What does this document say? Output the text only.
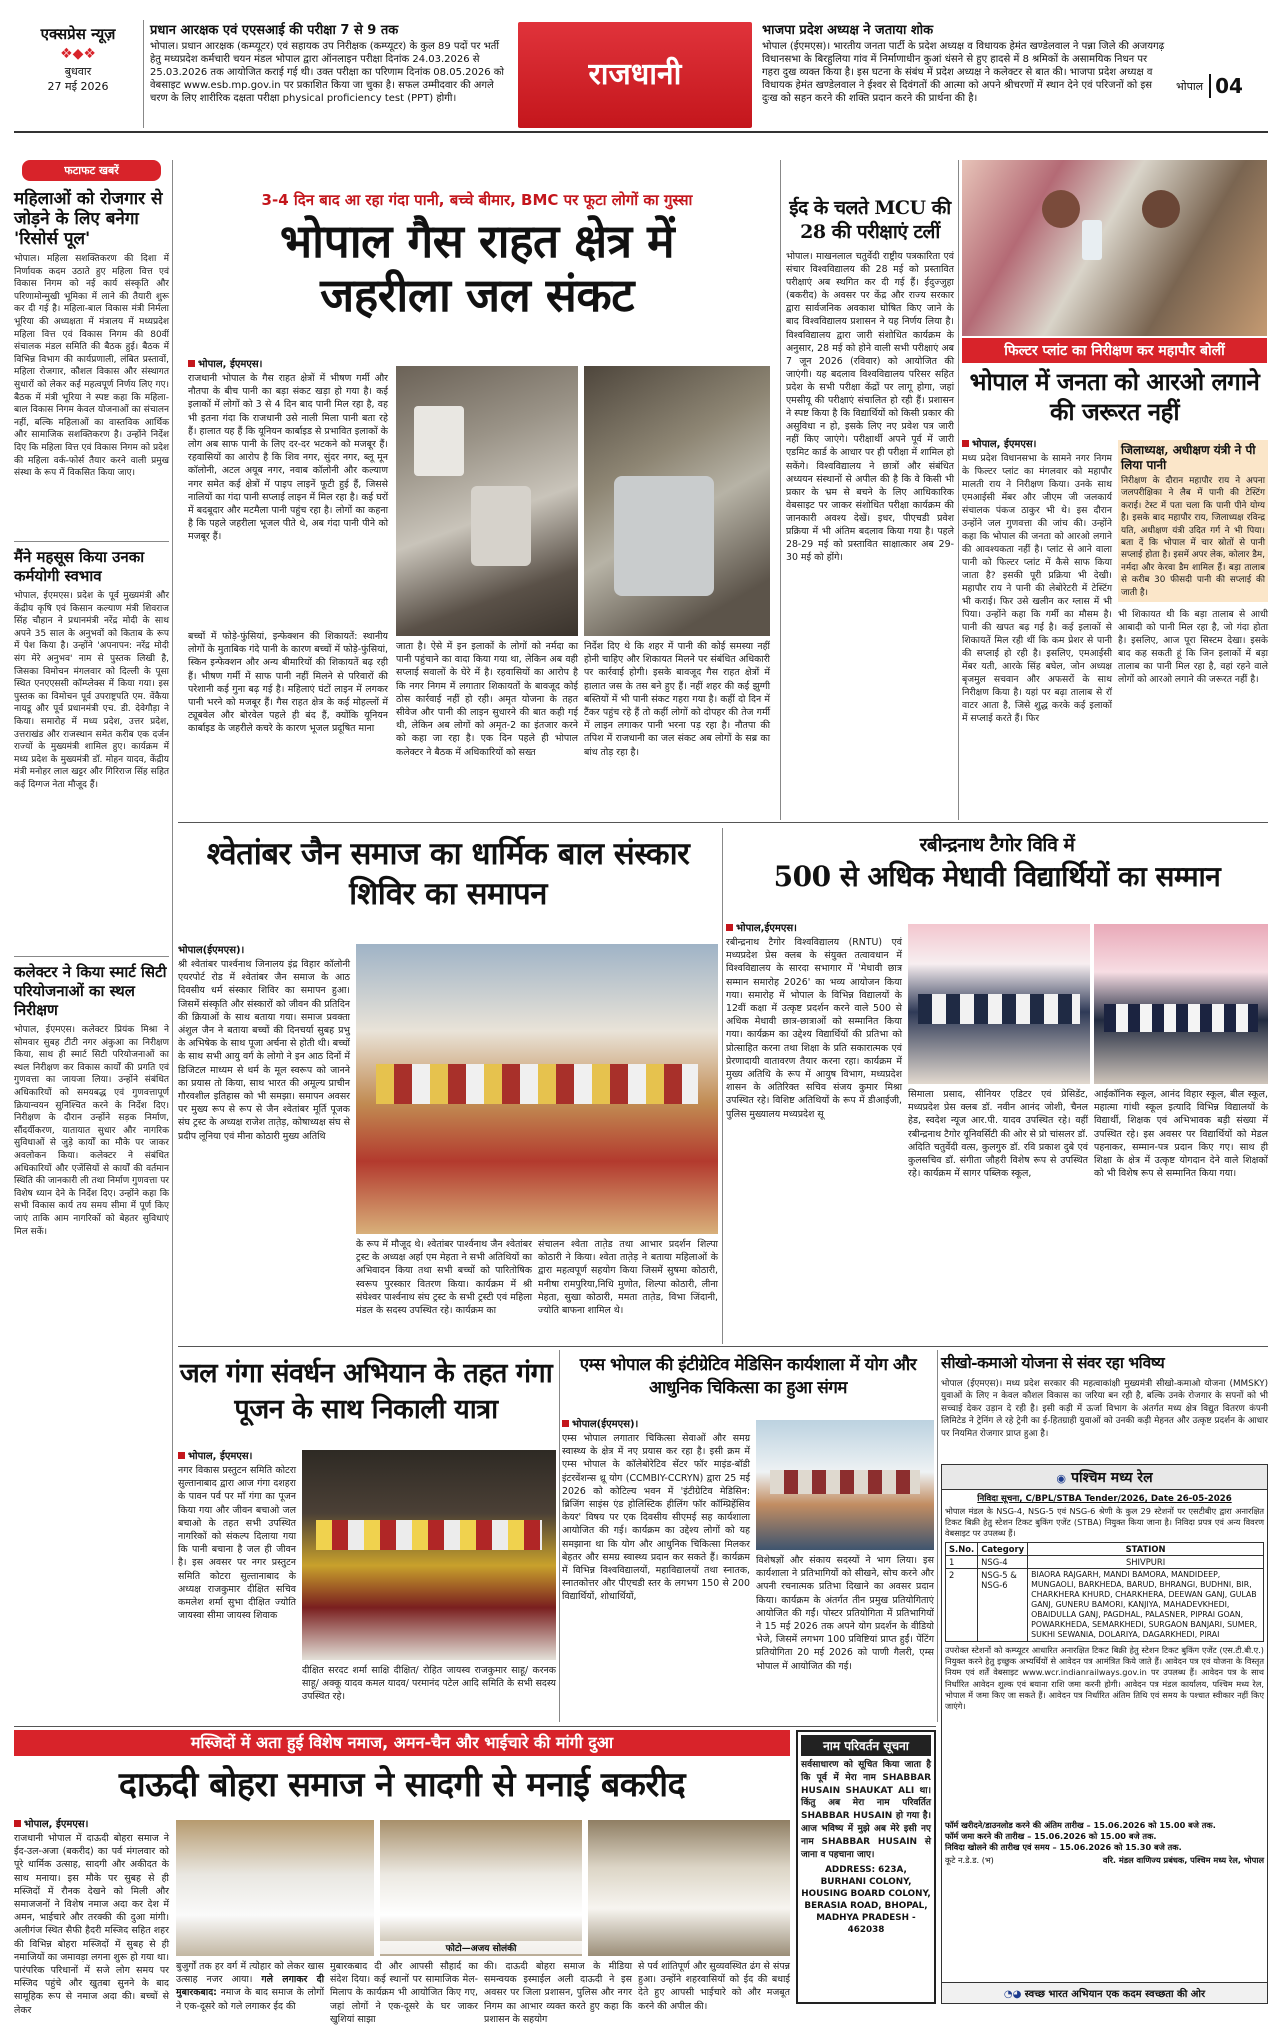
एक्सप्रेस न्यूज़
❖◆❖
बुधवार
27 मई 2026
प्रधान आरक्षक एवं एएसआई की परीक्षा 7 से 9 तक
भोपाल। प्रधान आरक्षक (कम्प्यूटर) एवं सहायक उप निरीक्षक (कम्प्यूटर) के कुल 89 पदों पर भर्ती हेतु मध्यप्रदेश कर्मचारी चयन मंडल भोपाल द्वारा ऑनलाइन परीक्षा दिनांक 24.03.2026 से 25.03.2026 तक आयोजित कराई गई थी। उक्त परीक्षा का परिणाम दिनांक 08.05.2026 को वेबसाइट www.esb.mp.gov.in पर प्रकाशित किया जा चुका है। सफल उम्मीदवार की अगले चरण के लिए शारीरिक दक्षता परीक्षा physical proficiency test (PPT) होगी।
राजधानी
भाजपा प्रदेश अध्यक्ष ने जताया शोक
भोपाल (ईएमएस)। भारतीय जनता पार्टी के प्रदेश अध्यक्ष व विधायक हेमंत खण्डेलवाल ने पन्ना जिले की अजयगढ़ विधानसभा के बिरहुलिया गांव में निर्माणाधीन कुआं धंसने से हुए हादसे में 8 श्रमिकों के असामयिक निधन पर गहरा दुख व्यक्त किया है। इस घटना के संबंध में प्रदेश अध्यक्ष ने कलेक्टर से बात की। भाजपा प्रदेश अध्यक्ष व विधायक हेमंत खण्डेलवाल ने ईश्वर से दिवंगतों की आत्मा को अपने श्रीचरणों में स्थान देने एवं परिजनों को इस दुःख को सहन करने की शक्ति प्रदान करने की प्रार्थना की है।
भोपाल 04
फटाफट खबरें
महिलाओं को रोजगार से जोड़ने के लिए बनेगा 'रिसोर्स पूल'
भोपाल। महिला सशक्तिकरण की दिशा में निर्णायक कदम उठाते हुए महिला वित्त एवं विकास निगम को नई कार्य संस्कृति और परिणामोन्मुखी भूमिका में लाने की तैयारी शुरू कर दी गई है। महिला-बाल विकास मंत्री निर्मला भूरिया की अध्यक्षता में मंत्रालय में मध्यप्रदेश महिला वित्त एवं विकास निगम की 80वीं संचालक मंडल समिति की बैठक हुई। बैठक में विभिन्न विभाग की कार्यप्रणाली, लंबित प्रस्तावों, महिला रोजगार, कौशल विकास और संस्थागत सुधारों को लेकर कई महत्वपूर्ण निर्णय लिए गए। बैठक में मंत्री भूरिया ने स्पष्ट कहा कि महिला-बाल विकास निगम केवल योजनाओं का संचालन नहीं, बल्कि महिलाओं का वास्तविक आर्थिक और सामाजिक सशक्तिकरण है। उन्होंने निर्देश दिए कि महिला वित्त एवं विकास निगम को प्रदेश की महिला वर्क-फोर्स तैयार करने वाली प्रमुख संस्था के रूप में विकसित किया जाए।
मैंने महसूस किया उनका कर्मयोगी स्वभाव
भोपाल, ईएमएस। प्रदेश के पूर्व मुख्यमंत्री और केंद्रीय कृषि एवं किसान कल्याण मंत्री शिवराज सिंह चौहान ने प्रधानमंत्री नरेंद्र मोदी के साथ अपने 35 साल के अनुभवों को किताब के रूप में पेश किया है। उन्होंने 'अपनापन: नरेंद्र मोदी संग मेरे अनुभव' नाम से पुस्तक लिखी है, जिसका विमोचन मंगलवार को दिल्ली के पूसा स्थित एनएएससी कॉम्प्लेक्स में किया गया। इस पुस्तक का विमोचन पूर्व उपराष्ट्रपति एम. वेंकैया नायडू और पूर्व प्रधानमंत्री एच. डी. देवेगौड़ा ने किया। समारोह में मध्य प्रदेश, उत्तर प्रदेश, उत्तराखंड और राजस्थान समेत करीब एक दर्जन राज्यों के मुख्यमंत्री शामिल हुए। कार्यक्रम में मध्य प्रदेश के मुख्यमंत्री डॉ. मोहन यादव, केंद्रीय मंत्री मनोहर लाल खट्टर और गिरिराज सिंह सहित कई दिग्गज नेता मौजूद हैं।
कलेक्टर ने किया स्मार्ट सिटी परियोजनाओं का स्थल निरीक्षण
भोपाल, ईएमएस। कलेक्टर प्रियंक मिश्रा ने सोमवार सुबह टीटी नगर अंकुआ का निरीक्षण किया, साथ ही स्मार्ट सिटी परियोजनाओं का स्थल निरीक्षण कर विकास कार्यों की प्रगति एवं गुणवत्ता का जायजा लिया। उन्होंने संबंधित अधिकारियों को समयबद्ध एवं गुणवत्तापूर्ण क्रियान्वयन सुनिश्चित करने के निर्देश दिए। निरीक्षण के दौरान उन्होंने सड़क निर्माण, सौंदर्यीकरण, यातायात सुधार और नागरिक सुविधाओं से जुड़े कार्यों का मौके पर जाकर अवलोकन किया। कलेक्टर ने संबंधित अधिकारियों और एजेंसियों से कार्यों की वर्तमान स्थिति की जानकारी ली तथा निर्माण गुणवत्ता पर विशेष ध्यान देने के निर्देश दिए। उन्होंने कहा कि सभी विकास कार्य तय समय सीमा में पूर्ण किए जाएं ताकि आम नागरिकों को बेहतर सुविधाएं मिल सकें।
3-4 दिन बाद आ रहा गंदा पानी, बच्चे बीमार, BMC पर फूटा लोगों का गुस्सा
भोपाल गैस राहत क्षेत्र में
जहरीला जल संकट
भोपाल, ईएमएस।
राजधानी भोपाल के गैस राहत क्षेत्रों में भीषण गर्मी और नौतपा के बीच पानी का बड़ा संकट खड़ा हो गया है। कई इलाकों में लोगों को 3 से 4 दिन बाद पानी मिल रहा है, वह भी इतना गंदा कि राजधानी उसे नाली मिला पानी बता रहे हैं। हालात यह हैं कि यूनियन कार्बाइड से प्रभावित इलाकों के लोग अब साफ पानी के लिए दर-दर भटकने को मजबूर हैं। रहवासियों का आरोप है कि शिव नगर, सुंदर नगर, ब्लू मून कॉलोनी, अटल अयूब नगर, नवाब कॉलोनी और कल्याण नगर समेत कई क्षेत्रों में पाइप लाइनें फूटी हुई हैं, जिससे नालियों का गंदा पानी सप्लाई लाइन में मिल रहा है। कई घरों में बदबूदार और मटमैला पानी पहुंच रहा है। लोगों का कहना है कि पहले जहरीला भूजल पीते थे, अब गंदा पानी पीने को मजबूर हैं।
बच्चों में फोड़े-फुंसियां, इन्फेक्शन की शिकायतें: स्थानीय लोगों के मुताबिक गंदे पानी के कारण बच्चों में फोड़े-फुंसियां, स्किन इन्फेक्शन और अन्य बीमारियों की शिकायतें बढ़ रही हैं। भीषण गर्मी में साफ पानी नहीं मिलने से परिवारों की परेशानी कई गुना बढ़ गई है। महिलाएं घंटों लाइन में लगकर पानी भरने को मजबूर हैं। गैस राहत क्षेत्र के कई मोहल्लों में ट्यूबवेल और बोरवेल पहले ही बंद हैं, क्योंकि यूनियन कार्बाइड के जहरीले कचरे के कारण भूजल प्रदूषित माना
जाता है। ऐसे में इन इलाकों के लोगों को नर्मदा का पानी पहुंचाने का वादा किया गया था, लेकिन अब वही सप्लाई सवालों के घेरे में है। रहवासियों का आरोप है कि नगर निगम में लगातार शिकायतों के बावजूद कोई ठोस कार्रवाई नहीं हो रही। अमृत योजना के तहत सीवेज और पानी की लाइन सुधारने की बात कही गई थी, लेकिन अब लोगों को अमृत-2 का इंतजार करने को कहा जा रहा है। एक दिन पहले ही भोपाल कलेक्टर ने बैठक में अधिकारियों को सख्त
निर्देश दिए थे कि शहर में पानी की कोई समस्या नहीं होनी चाहिए और शिकायत मिलने पर संबंधित अधिकारी पर कार्रवाई होगी। इसके बावजूद गैस राहत क्षेत्रों में हालात जस के तस बने हुए हैं। नहीं शहर की कई झुग्गी बस्तियों में भी पानी संकट गहरा गया है। कहीं दो दिन में टैंकर पहुंच रहे हैं तो कहीं लोगों को दोपहर की तेज गर्मी में लाइन लगाकर पानी भरना पड़ रहा है। नौतपा की तपिश में राजधानी का जल संकट अब लोगों के सब्र का बांध तोड़ रहा है।
ईद के चलते MCU की 28 की परीक्षाएं टलीं
भोपाल। माखनलाल चतुर्वेदी राष्ट्रीय पत्रकारिता एवं संचार विश्वविद्यालय की 28 मई को प्रस्तावित परीक्षाएं अब स्थगित कर दी गई हैं। ईदुज्जुहा (बकरीद) के अवसर पर केंद्र और राज्य सरकार द्वारा सार्वजनिक अवकाश घोषित किए जाने के बाद विश्वविद्यालय प्रशासन ने यह निर्णय लिया है। विश्वविद्यालय द्वारा जारी संशोधित कार्यक्रम के अनुसार, 28 मई को होने वाली सभी परीक्षाएं अब 7 जून 2026 (रविवार) को आयोजित की जाएंगी। यह बदलाव विश्वविद्यालय परिसर सहित प्रदेश के सभी परीक्षा केंद्रों पर लागू होगा, जहां एमसीयू की परीक्षाएं संचालित हो रही हैं। प्रशासन ने स्पष्ट किया है कि विद्यार्थियों को किसी प्रकार की असुविधा न हो, इसके लिए नए प्रवेश पत्र जारी नहीं किए जाएंगे। परीक्षार्थी अपने पूर्व में जारी एडमिट कार्ड के आधार पर ही परीक्षा में शामिल हो सकेंगे। विश्वविद्यालय ने छात्रों और संबंधित अध्ययन संस्थानों से अपील की है कि वे किसी भी प्रकार के भ्रम से बचने के लिए आधिकारिक वेबसाइट पर जाकर संशोधित परीक्षा कार्यक्रम की जानकारी अवश्य देखें। इधर, पीएचडी प्रवेश प्रक्रिया में भी अंतिम बदलाव किया गया है। पहले 28-29 मई को प्रस्तावित साक्षात्कार अब 29-30 मई को होंगे।
फिल्टर प्लांट का निरीक्षण कर महापौर बोलीं
भोपाल में जनता को आरओ लगाने की जरूरत नहीं
भोपाल, ईएमएस।
मध्य प्रदेश विधानसभा के सामने नगर निगम के फिल्टर प्लांट का मंगलवार को महापौर मालती राय ने निरीक्षण किया। उनके साथ एमआईसी मेंबर और जीएम जी जलकार्य संचालक पंकज ठाकुर भी थे। इस दौरान उन्होंने जल गुणवत्ता की जांच की। उन्होंने कहा कि भोपाल की जनता को आरओ लगाने की आवश्यकता नहीं है। प्लांट से आने वाला पानी को फिल्टर प्लांट में कैसे साफ किया जाता है? इसकी पूरी प्रक्रिया भी देखी। महापौर राय ने पानी की लेबोरेटरी में टेस्टिंग भी कराई। फिर उसे खलीन कर ग्लास में भी पिया। उन्होंने कहा कि गर्मी का मौसम है। पानी की खपत बढ़ गई है। कई इलाकों से शिकायतें मिल रही थीं कि कम प्रेशर से पानी की सप्लाई हो रही है। इसलिए, एमआईसी मेंबर यती, आरके सिंह बघेल, जोन अध्यक्ष बृजमुल सचवान और अफसरों के साथ निरीक्षण किया है। यहां पर बढ़ा तालाब से रॉ वाटर आता है, जिसे शुद्ध करके कई इलाकों में सप्लाई करते हैं। फिर
जिलाध्यक्ष, अधीक्षण यंत्री ने पी लिया पानी
निरीक्षण के दौरान महापौर राय ने अपना जलपरीक्षिका ने लैब में पानी की टेस्टिंग कराई। टेस्ट में पता चला कि पानी पीने योग्य है। इसके बाद महापौर राय, जिलाध्यक्ष रविन्द्र यति, अधीक्षण यंत्री उदित गर्ग ने भी पिया। बता दें कि भोपाल में चार स्रोतों से पानी सप्लाई होता है। इसमें अपर लेक, कोलार डैम, नर्मदा और केरवा डैम शामिल हैं। बड़ा तालाब से करीब 30 फीसदी पानी की सप्लाई की जाती है।
भी शिकायत थी कि बड़ा तालाब से आधी आबादी को पानी मिल रहा है, जो गंदा होता है। इसलिए, आज पूरा सिस्टम देखा। इसके बाद कह सकती हूं कि जिन इलाकों में बड़ा तालाब का पानी मिल रहा है, वहां रहने वाले लोगों को आरओ लगाने की जरूरत नहीं है।
श्वेतांबर जैन समाज का धार्मिक बाल संस्कार शिविर का समापन
भोपाल(ईएमएस)।
श्री श्वेतांबर पार्श्वनाथ जिनालय इंद्र विहार कॉलोनी एयरपोर्ट रोड में श्वेतांबर जैन समाज के आठ दिवसीय धर्म संस्कार शिविर का समापन हुआ। जिसमें संस्कृति और संस्कारों को जीवन की प्रतिदिन की क्रियाओं के साथ बताया गया। समाज प्रवक्ता अंशुल जैन ने बताया बच्चों की दिनचर्या सुबह प्रभु के अभिषेक के साथ पूजा अर्चना से होती थी। बच्चों के साथ सभी आयु वर्ग के लोगो ने इन आठ दिनों में डिजिटल माध्यम से धर्म के मूल स्वरूप को जानने का प्रयास तो किया, साथ भारत की अमूल्य प्राचीन गौरवशील इतिहास को भी समझा। समापन अवसर पर मुख्य रूप से रूप से जैन श्वेतांबर मूर्ति पूजक संघ ट्रस्ट के अध्यक्ष राजेश ताते़ड़, कोषाध्यक्ष संघ से प्रदीप लूनिया एवं मीना कोठारी मुख्य अतिथि
के रूप में मौजूद थे। श्वेतांबर पार्श्वनाथ जैन श्वेतांबर ट्रस्ट के अध्यक्ष अर्हा एम मेहता ने सभी अतिथियों का अभिवादन किया तथा सभी बच्चों को पारितोषिक स्वरूप पुरस्कार वितरण किया। कार्यक्रम में श्री संघेश्वर पार्श्वनाथ संघ ट्रस्ट के सभी ट्रस्टी एवं महिला मंडल के सदस्य उपस्थित रहे। कार्यक्रम का
संचालन श्वेता ताते़ड तथा आभार प्रदर्शन शिल्पा कोठारी ने किया। श्वेता ताते़ड़ ने बताया महिलाओं के द्वारा महत्वपूर्ण सहयोग किया जिसमें सुषमा कोठारी, मनीषा रामपुरिया,निधि मुणोत, शिल्पा कोठारी, लीना मेहता, सुखा कोठारी, ममता ताते़ड, विभा जिंदानी, ज्योति बाफना शामिल थे।
रबीन्द्रनाथ टैगोर विवि में
500 से अधिक मेधावी विद्यार्थियों का सम्मान
भोपाल,ईएमएस।
रबीन्द्रनाथ टैगोर विश्वविद्यालय (RNTU) एवं मध्यप्रदेश प्रेस क्लब के संयुक्त तत्वावधान में विश्वविद्यालय के सारदा सभागार में 'मेधावी छात्र सम्मान समारोह 2026' का भव्य आयोजन किया गया। समारोह में भोपाल के विभिन्न विद्यालयों के 12वीं कक्षा में उत्कृष्ट प्रदर्शन करने वाले 500 से अधिक मेधावी छात्र-छात्राओं को सम्मानित किया गया। कार्यक्रम का उद्देश्य विद्यार्थियों की प्रतिभा को प्रोत्साहित करना तथा शिक्षा के प्रति सकारात्मक एवं प्रेरणादायी वातावरण तैयार करना रहा। कार्यक्रम में मुख्य अतिथि के रूप में आयुष विभाग, मध्यप्रदेश शासन के अतिरिक्त सचिव संजय कुमार मिश्रा उपस्थित रहे। विशिष्ट अतिथियों के रूप में डीआईजी, पुलिस मुख्यालय मध्यप्रदेश सू
सिमाला प्रसाद, सीनियर एडिटर एवं प्रेसिडेंट, मध्यप्रदेश प्रेस क्लब डॉ. नवीन आनंद जोशी, चैनल हेड, स्वदेश न्यूज आर.पी. यादव उपस्थित रहे। वहीं रबीन्द्रनाथ टैगोर यूनिवर्सिटी की ओर से प्रो चांसलर डॉ. अदिति चतुर्वेदी वत्स, कुलगुरु डॉ. रवि प्रकाश दुबे एवं कुलसचिव डॉ. संगीता जौहरी विशेष रूप से उपस्थित रहे। कार्यक्रम में सागर पब्लिक स्कूल,
आईकॉनिक स्कूल, आनंद विहार स्कूल, बील स्कूल, महात्मा गांधी स्कूल इत्यादि विभिन्न विद्यालयों के विद्यार्थी, शिक्षक एवं अभिभावक बड़ी संख्या में उपस्थित रहे। इस अवसर पर विद्यार्थियों को मेडल पहनाकर, सम्मान-पत्र प्रदान किए गए। साथ ही शिक्षा के क्षेत्र में उत्कृष्ट योगदान देने वाले शिक्षकों को भी विशेष रूप से सम्मानित किया गया।
जल गंगा संवर्धन अभियान के तहत गंगा पूजन के साथ निकाली यात्रा
भोपाल, ईएमएस।
नगर विकास प्रस्तुटन समिति कोटरा सुल्तानाबाद द्वारा आज गंगा दशहरा के पावन पर्व पर माँ गंगा का पूजन किया गया और जीवन बचाओ जल बचाओ के तहत सभी उपस्थित नागरिकों को संकल्प दिलाया गया कि पानी बचाना है जल ही जीवन है। इस अवसर पर नगर प्रस्तुटन समिति कोटरा सुल्तानाबाद के अध्यक्ष राजकुमार दीक्षित सचिव कमलेश शर्मा सुभा दीक्षित ज्योति जायस्वा सीमा जायस्व शिवाक
दीक्षित सरदट शर्मा साक्षि दीक्षित/ रोहित जायस्व राजकुमार साहू/ करनक साहू/ अक्कू यादव कमल यादव/ परमानंद पटेल आदि समिति के सभी सदस्य उपस्थित रहे।
एम्स भोपाल की इंटीग्रेटिव मेडिसिन कार्यशाला में योग और आधुनिक चिकित्सा का हुआ संगम
भोपाल(ईएमएस)।
एम्स भोपाल लगातार चिकित्सा सेवाओं और समग्र स्वास्थ्य के क्षेत्र में नए प्रयास कर रहा है। इसी क्रम में एम्स भोपाल के कॉलेबोरेटिव सेंटर फॉर माइंड-बॉडी इंटरवेंशन्स थ्रू योग (CCMBIY-CCRYN) द्वारा 25 मई 2026 को कोटिल्य भवन में 'इंटीग्रेटिव मेडिसिन: ब्रिजिंग साइंस एंड होलिस्टिक हीलिंग फॉर कॉम्प्रिहेंसिव केयर' विषय पर एक दिवसीय सीएमई सह कार्यशाला आयोजित की गई। कार्यक्रम का उद्देश्य लोगों को यह समझाना था कि योग और आधुनिक चिकित्सा मिलकर बेहतर और समग्र स्वास्थ्य प्रदान कर सकते हैं। कार्यक्रम में विभिन्न विश्वविद्यालयों, महाविद्यालयों तथा स्नातक, स्नातकोत्तर और पीएचडी स्तर के लगभग 150 से 200 विद्यार्थियों, शोधार्थियों,
विशेषज्ञों और संकाय सदस्यों ने भाग लिया। इस कार्यशाला ने प्रतिभागियों को सीखने, सोच करने और अपनी रचनात्मक प्रतिभा दिखाने का अवसर प्रदान किया। कार्यक्रम के अंतर्गत तीन प्रमुख प्रतियोगिताएं आयोजित की गईं। पोस्टर प्रतियोगिता में प्रतिभागियों ने 15 मई 2026 तक अपने योग प्रदर्शन के वीडियो भेजे, जिसमें लगभग 100 प्रविष्टियां प्राप्त हुईं। पेंटिंग प्रतियोगिता 20 मई 2026 को पाणी गैलरी, एम्स भोपाल में आयोजित की गई।
सीखो-कमाओ योजना से संवर रहा भविष्य
भोपाल (ईएमएस)। मध्य प्रदेश सरकार की महत्वाकांक्षी मुख्यमंत्री सीखो-कमाओ योजना (MMSKY) युवाओं के लिए न केवल कौशल विकास का जरिया बन रही है, बल्कि उनके रोजगार के सपनों को भी सच्चाई देकर उड़ान दे रही है। इसी कड़ी में ऊर्जा विभाग के अंतर्गत मध्य क्षेत्र विद्युत वितरण कंपनी लिमिटेड ने ट्रेनिंग ले रहे ट्रेनी का ई-हितग्राही युवाओं को उनकी कड़ी मेहनत और उत्कृष्ट प्रदर्शन के आधार पर नियमित रोजगार प्राप्त हुआ है।
◉ पश्चिम मध्य रेल
निविदा सूचना, C/BPL/STBA Tender/2026, Date 26-05-2026
भोपाल मंडल के NSG-4, NSG-5 एवं NSG-6 श्रेणी के कुल 29 स्टेशनों पर एसटीबीए द्वारा अनारक्षित टिकट बिक्री हेतु स्टेशन टिकट बुकिंग एजेंट (STBA) नियुक्त किया जाना है। निविदा प्रपत्र एवं अन्य विवरण वेबसाइट पर उपलब्ध हैं।
S.No.	Category	STATION
1	NSG-4	SHIVPURI
2	NSG-5 & NSG-6	BIAORA RAJGARH, MANDI BAMORA, MANDIDEEP, MUNGAOLI, BARKHEDA, BARUD, BHRANGI, BUDHNI, BIR, CHARKHERA KHURD, CHARKHERA, DEEWAN GANJ, GULAB GANJ, GUNERU BAMORI, KANJIYA, MAHADEVKHEDI, OBAIDULLA GANJ, PAGDHAL, PALASNER, PIPRAI GOAN, POWARKHEDA, SEMARKHEDI, SURGAON BANJARI, SUMER, SUKHI SEWANIA, DOLARIYA, DAGARKHEDI, PIRAI
उपरोक्त स्टेशनों को कम्प्यूटर आधारित अनारक्षित टिकट बिक्री हेतु स्टेशन टिकट बुकिंग एजेंट (एस.टी.बी.ए.) नियुक्त करने हेतु इच्छुक अभ्यर्थियों से आवेदन पत्र आमंत्रित किये जाते हैं। आवेदन पत्र एवं योजना के विस्तृत नियम एवं शर्तें वेबसाइट www.wcr.indianrailways.gov.in पर उपलब्ध हैं। आवेदन पत्र के साथ निर्धारित आवेदन शुल्क एवं बयाना राशि जमा करनी होगी। आवेदन पत्र मंडल कार्यालय, पश्चिम मध्य रेल, भोपाल में जमा किए जा सकते हैं। आवेदन पत्र निर्धारित अंतिम तिथि एवं समय के पश्चात स्वीकार नहीं किए जाएंगे।
फॉर्म खरीदने/डाउनलोड करने की अंतिम तारीख – 15.06.2026 को 15.00 बजे तक.
फॉर्म जमा करने की तारीख – 15.06.2026 को 15.00 बजे तक.
निविदा खोलने की तारीख एवं समय – 15.06.2026 को 15.30 बजे तक.
कूटे न.डे.ड. (भ)	वरि. मंडल वाणिज्य प्रबंधक, पश्चिम मध्य रेल, भोपाल
◔◕ स्वच्छ भारत अभियान एक कदम स्वच्छता की ओर
मस्जिदों में अता हुई विशेष नमाज, अमन-चैन और भाईचारे की मांगी दुआ
दाऊदी बोहरा समाज ने सादगी से मनाई बकरीद
भोपाल, ईएमएस।
राजधानी भोपाल में दाऊदी बोहरा समाज ने ईद-उल-अजा (बकरीद) का पर्व मंगलवार को पूरे धार्मिक उत्साह, सादगी और अकीदत के साथ मनाया। इस मौके पर सुबह से ही मस्जिदों में रौनक देखने को मिली और समाजजनों ने विशेष नमाज अदा कर देश में अमन, भाईचारे और तरक्की की दुआ मांगी। अलीगंज स्थित सैफी हैदरी मस्जिद सहित शहर की विभिन्न बोहरा मस्जिदों में सुबह से ही नमाजियों का जमावड़ा लगना शुरू हो गया था। पारंपरिक परिधानों में सजे लोग समय पर मस्जिद पहुंचे और खुतबा सुनने के बाद सामूहिक रूप से नमाज अदा की। बच्चों से लेकर
फोटो—अजय सोलंकी
बुजुर्गों तक हर वर्ग में त्योहार को लेकर खास उत्साह नजर आया। गले लगाकर दी मुबारकबाद: नमाज के बाद समाज के लोगों ने एक-दूसरे को गले लगाकर ईद की
मुबारकबाद दी और आपसी सौहार्द का संदेश दिया। कई स्थानों पर सामाजिक मेल-मिलाप के कार्यक्रम भी आयोजित किए गए, जहां लोगों ने एक-दूसरे के घर जाकर खुशियां साझा
की। दाऊदी बोहरा समाज के मीडिया समन्वयक इस्माईल अली दाऊदी ने इस अवसर पर जिला प्रशासन, पुलिस और नगर निगम का आभार व्यक्त करते हुए कहा कि प्रशासन के सहयोग
से पर्व शांतिपूर्ण और सुव्यवस्थित ढंग से संपन्न हुआ। उन्होंने शहरवासियों को ईद की बधाई देते हुए आपसी भाईचारे को और मजबूत करने की अपील की।
नाम परिवर्तन सूचना
सर्वसाधारण को सूचित किया जाता है कि पूर्व में मेरा नाम SHABBAR HUSAIN SHAUKAT ALI था। किंतु अब मेरा नाम परिवर्तित SHABBAR HUSAIN हो गया है। आज भविष्य में मुझे अब मेरे इसी नए नाम SHABBAR HUSAIN से जाना व पहचाना जाए।
ADDRESS: 623A, BURHANI COLONY, HOUSING BOARD COLONY, BERASIA ROAD, BHOPAL, MADHYA PRADESH - 462038
